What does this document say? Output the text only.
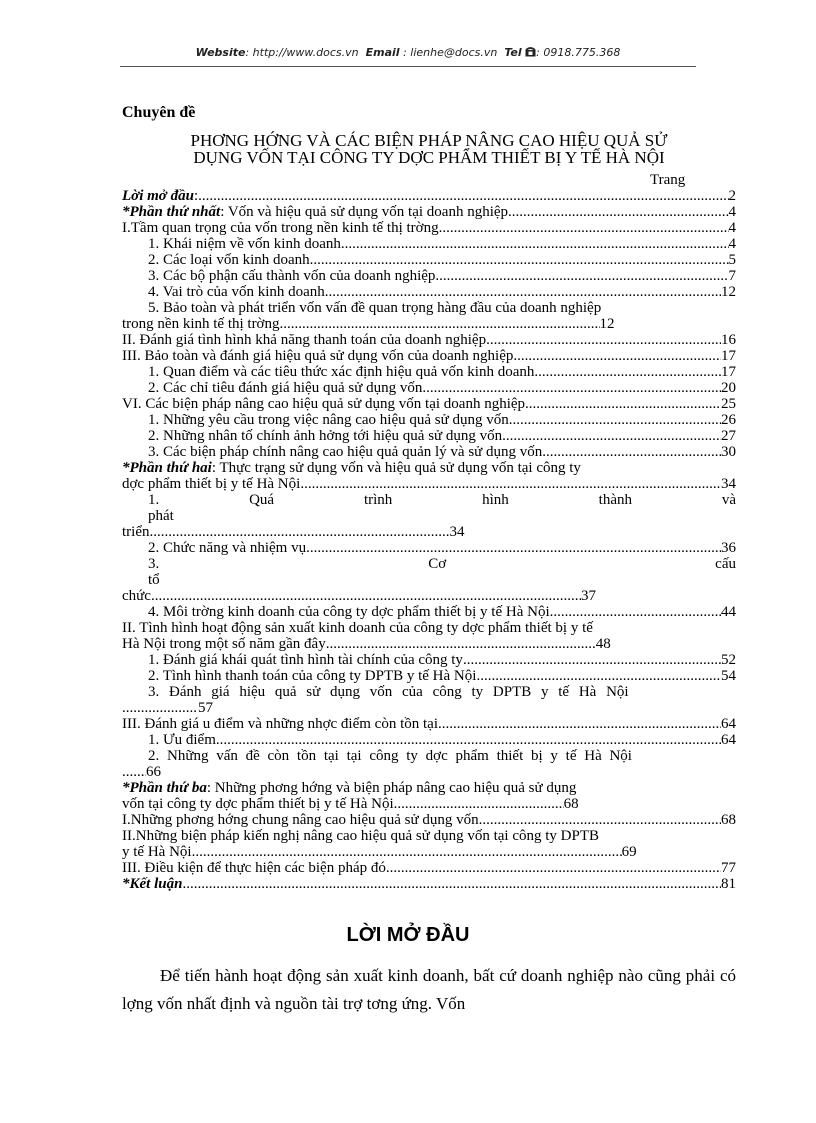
Website: http://www.docs.vn Email : lienhe@docs.vn Tel : 0918.775.368
Chuyên đề
PHƠNG HỚNG VÀ CÁC BIỆN PHÁP NÂNG CAO HIỆU QUẢ SỬ
DỤNG VỐN TẠI CÔNG TY DỢC PHẨM THIẾT BỊ Y TẾ HÀ NỘI
Trang
Lời mở đầu : .....	2
*Phần thứ nhất : Vốn và hiệu quả sử dụng vốn tại doanh nghiệp .....	4
I.Tầm quan trọng của vốn trong nền kinh tế thị trờng .....	4
1. Khái niệm về vốn kinh doanh .....	4
2. Các loại vốn kinh doanh .....	5
3. Các bộ phận cấu thành vốn của doanh nghiệp .....	7
4. Vai trò của vốn kinh doanh .....	12
5. Bảo toàn và phát triển vốn vấn đề quan trọng hàng đầu của doanh nghiệp
trong nền kinh tế thị trờng .....	12
II. Đánh giá tình hình khả năng thanh toán của doanh nghiệp .....	16
III. Bảo toàn và đánh giá hiệu quả sử dụng vốn của doanh nghiệp .....	17
1. Quan điểm và các tiêu thức xác định hiệu quả vốn kinh doanh .....	17
2. Các chỉ tiêu đánh giá hiệu quả sử dụng vốn .....	20
VI. Các biện pháp nâng cao hiệu quả sử dụng vốn tại doanh nghiệp .....	25
1. Những yêu cầu trong việc nâng cao hiệu quả sử dụng vốn .....	26
2. Những nhân tố chính ảnh hởng tới hiệu quả sử dụng vốn .....	27
3. Các biện pháp chính nâng cao hiệu quả quản lý và sử dụng vốn .....	30
*Phần thứ hai: Thực trạng sử dụng vốn và hiệu quả sử dụng vốn tại công ty
dợc phẩm thiết bị y tế Hà Nội .....	34
1. Quá trình hình thành và phát
triển .....	34
2. Chức năng và nhiệm vụ .....	36
3. Cơ cấu tổ
chức .....	37
4. Môi trờng kinh doanh của công ty dợc phẩm thiết bị y tế Hà Nội .....	44
II. Tình hình hoạt động sản xuất kinh doanh của công ty dợc phẩm thiết bị y tế
Hà Nội trong một số năm gần đây .....	48
1. Đánh giá khái quát tình hình tài chính của công ty .....	52
2. Tình hình thanh toán của công ty DPTB y tế Hà Nội .....	54
3. Đánh giá hiệu quả sử dụng vốn của công ty DPTB y tế Hà Nội
.....
57
III. Đánh giá u điểm và những nhợc điểm còn tồn tại .....	64
1. Ưu điểm .....	64
2. Những vấn đề còn tồn tại tại công ty dợc phẩm thiết bị y tế Hà Nội
.....
66
*Phần thứ ba: Những phơng hớng và biện pháp nâng cao hiệu quả sử dụng
vốn tại công ty dợc phẩm thiết bị y tế Hà Nội .....	68
I.Những phơng hớng chung nâng cao hiệu quả sử dụng vốn .....	68
II.Những biện pháp kiến nghị nâng cao hiệu quả sử dụng vốn tại công ty DPTB
y tế Hà Nội .....	69
III. Điều kiện để thực hiện các biện pháp đó .....	77
*Kết luận .....	81
LỜI MỞ ĐẦU

Để tiến hành hoạt động sản xuất kinh doanh, bất cứ doanh nghiệp nào cũng phải có lợng vốn nhất định và nguồn tài trợ tơng ứng. Vốn
